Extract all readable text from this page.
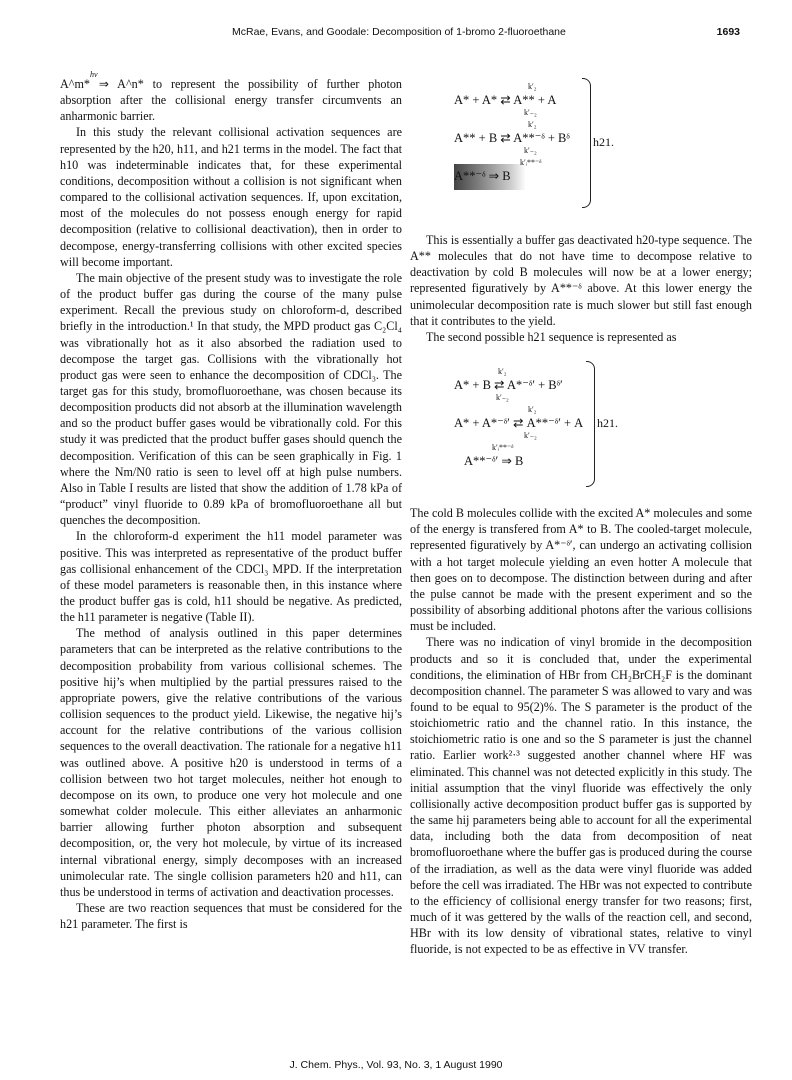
McRae, Evans, and Goodale: Decomposition of 1-bromo 2-fluoroethane	1693
hν

A^m* ⇒ A^n* to represent the possibility of further photon absorption after the collisional energy transfer circumvents an anharmonic barrier.

In this study the relevant collisional activation sequences are represented by the h20, h11, and h21 terms in the model. The fact that h10 was indeterminable indicates that, for these experimental conditions, decomposition without a collision is not significant when compared to the collisional activation sequences. If, upon excitation, most of the molecules do not possess enough energy for rapid decomposition (relative to collisional deactivation), then in order to decompose, energy-transferring collisions with other excited species will become important.

The main objective of the present study was to investigate the role of the product buffer gas during the course of the many pulse experiment. Recall the previous study on chloroform-d, described briefly in the introduction.¹ In that study, the MPD product gas C₂Cl₄ was vibrationally hot as it also absorbed the radiation used to decompose the target gas. Collisions with the vibrationally hot product gas were seen to enhance the decomposition of CDCl₃. The target gas for this study, bromofluoroethane, was chosen because its decomposition products did not absorb at the illumination wavelength and so the product buffer gases would be vibrationally cold. For this study it was predicted that the product buffer gases should quench the decomposition. Verification of this can be seen graphically in Fig. 1 where the Nm/N0 ratio is seen to level off at high pulse numbers. Also in Table I results are listed that show the addition of 1.78 kPa of “product” vinyl fluoride to 0.89 kPa of bromofluoroethane all but quenches the decomposition.

In the chloroform-d experiment the h11 model parameter was positive. This was interpreted as representative of the product buffer gas collisional enhancement of the CDCl₃ MPD. If the interpretation of these model parameters is reasonable then, in this instance where the product buffer gas is cold, h11 should be negative. As predicted, the h11 parameter is negative (Table II).

The method of analysis outlined in this paper determines parameters that can be interpreted as the relative contributions to the decomposition probability from various collisional schemes. The positive hij’s when multiplied by the partial pressures raised to the appropriate powers, give the relative contributions of the various collision sequences to the product yield. Likewise, the negative hij’s account for the relative contributions of the various collision sequences to the overall deactivation. The rationale for a negative h11 was outlined above. A positive h20 is understood in terms of a collision between two hot target molecules, neither hot enough to decompose on its own, to produce one very hot molecule and one somewhat colder molecule. This either alleviates an anharmonic barrier allowing further photon absorption and subsequent decomposition, or, the very hot molecule, by virtue of its increased internal vibrational energy, simply decomposes with an increased unimolecular rate. The single collision parameters h20 and h11, can thus be understood in terms of activation and deactivation processes.

These are two reaction sequences that must be considered for the h21 parameter. The first is

k′₂
A* + A* ⇄ A** + A
k′₋₂
k′₂
A** + B ⇄ A**⁻ᵟ + Bᵟ
k′₋₂
k′ᵢ**⁻ᵟ
A**⁻ᵟ ⇒ B
h21.

This is essentially a buffer gas deactivated h20-type sequence. The A** molecules that do not have time to decompose relative to deactivation by cold B molecules will now be at a lower energy; represented figuratively by A**⁻ᵟ above. At this lower energy the unimolecular decomposition rate is much slower but still fast enough that it contributes to the yield.

The second possible h21 sequence is represented as

k′₂
A* + B ⇄ A*⁻ᵟ′ + Bᵟ′
k′₋₂
k′₂
A* + A*⁻ᵟ′ ⇄ A**⁻ᵟ′ + A
k′₋₂
k′ᵢ**⁻ᵟ
A**⁻ᵟ′ ⇒ B
h21.

The cold B molecules collide with the excited A* molecules and some of the energy is transfered from A* to B. The cooled-target molecule, represented figuratively by A*⁻ᵟ′, can undergo an activating collision with a hot target molecule yielding an even hotter A molecule that then goes on to decompose. The distinction between during and after the pulse cannot be made with the present experiment and so the possibility of absorbing additional photons after the various collisions must be included.

There was no indication of vinyl bromide in the decomposition products and so it is concluded that, under the experimental conditions, the elimination of HBr from CH₂BrCH₂F is the dominant decomposition channel. The parameter S was allowed to vary and was found to be equal to 95(2)%. The S parameter is the product of the stoichiometric ratio and the channel ratio. In this instance, the stoichiometric ratio is one and so the S parameter is just the channel ratio. Earlier work²·³ suggested another channel where HF was eliminated. This channel was not detected explicitly in this study. The initial assumption that the vinyl fluoride was effectively the only collisionally active decomposition product buffer gas is supported by the same hij parameters being able to account for all the experimental data, including both the data from decomposition of neat bromofluoroethane where the buffer gas is produced during the course of the irradiation, as well as the data were vinyl fluoride was added before the cell was irradiated. The HBr was not expected to contribute to the efficiency of collisional energy transfer for two reasons; first, much of it was gettered by the walls of the reaction cell, and second, HBr with its low density of vibrational states, relative to vinyl fluoride, is not expected to be as effective in VV transfer.

J. Chem. Phys., Vol. 93, No. 3, 1 August 1990
